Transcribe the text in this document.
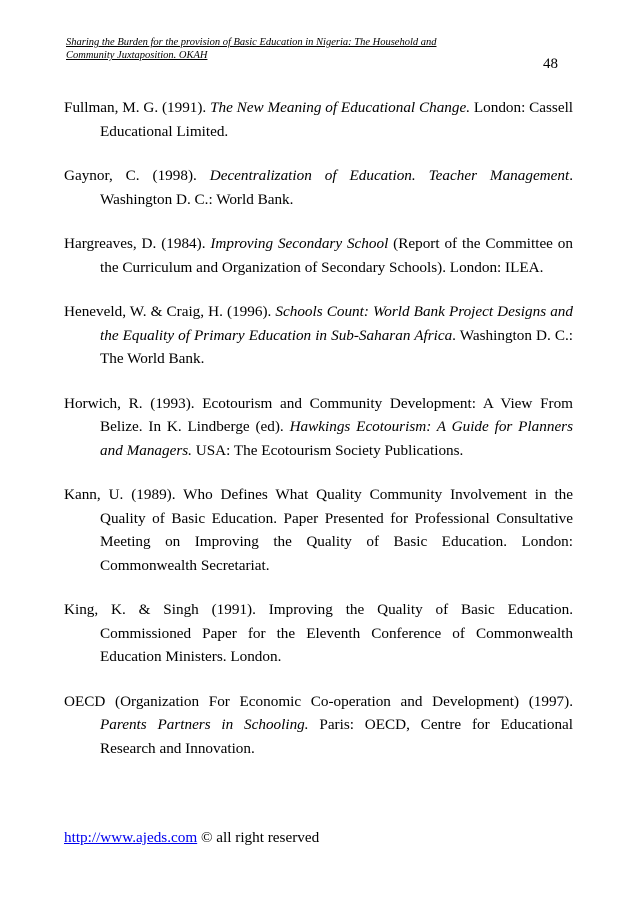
Sharing the Burden for the provision of Basic Education in Nigeria: The Household and
Community Juxtaposition. OKAH
48

Fullman, M. G. (1991). The New Meaning of Educational Change. London: Cassell Educational Limited.

Gaynor, C. (1998). Decentralization of Education. Teacher Management. Washington D. C.: World Bank.

Hargreaves, D. (1984). Improving Secondary School (Report of the Committee on the Curriculum and Organization of Secondary Schools). London: ILEA.

Heneveld, W. & Craig, H. (1996). Schools Count: World Bank Project Designs and the Equality of Primary Education in Sub-Saharan Africa. Washington D. C.: The World Bank.

Horwich, R. (1993). Ecotourism and Community Development: A View From Belize. In K. Lindberge (ed). Hawkings Ecotourism: A Guide for Planners and Managers. USA: The Ecotourism Society Publications.

Kann, U. (1989). Who Defines What Quality Community Involvement in the Quality of Basic Education. Paper Presented for Professional Consultative Meeting on Improving the Quality of Basic Education. London: Commonwealth Secretariat.

King, K. & Singh (1991). Improving the Quality of Basic Education. Commissioned Paper for the Eleventh Conference of Commonwealth Education Ministers. London.

OECD (Organization For Economic Co-operation and Development) (1997). Parents Partners in Schooling. Paris: OECD, Centre for Educational Research and Innovation.

http://www.ajeds.com © all right reserved
